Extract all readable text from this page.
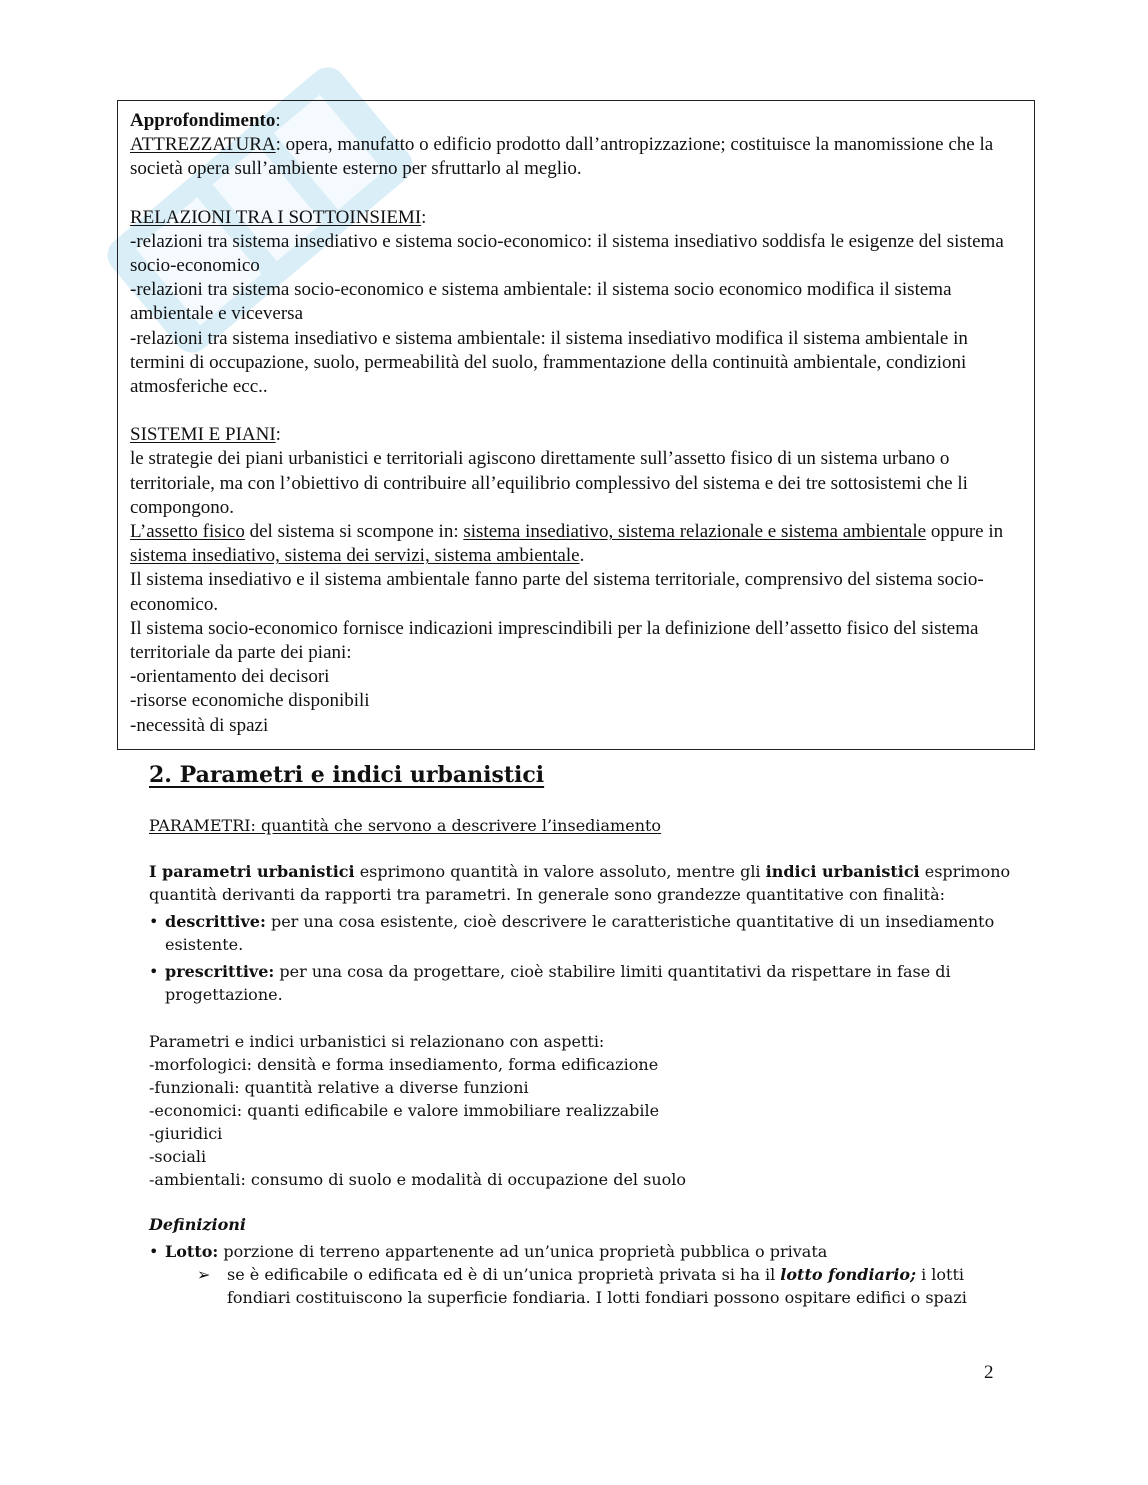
Approfondimento:

ATTREZZATURA: opera, manufatto o edificio prodotto dall’antropizzazione; costituisce la manomissione che la società opera sull’ambiente esterno per sfruttarlo al meglio.

RELAZIONI TRA I SOTTOINSIEMI:

-relazioni tra sistema insediativo e sistema socio-economico: il sistema insediativo soddisfa le esigenze del sistema socio-economico

-relazioni tra sistema socio-economico e sistema ambientale: il sistema socio economico modifica il sistema ambientale e viceversa

-relazioni tra sistema insediativo e sistema ambientale: il sistema insediativo modifica il sistema ambientale in termini di occupazione, suolo, permeabilità del suolo, frammentazione della continuità ambientale, condizioni atmosferiche ecc..

SISTEMI E PIANI:

le strategie dei piani urbanistici e territoriali agiscono direttamente sull’assetto fisico di un sistema urbano o territoriale, ma con l’obiettivo di contribuire all’equilibrio complessivo del sistema e dei tre sottosistemi che li compongono.

L’assetto fisico del sistema si scompone in: sistema insediativo, sistema relazionale e sistema ambientale oppure in sistema insediativo, sistema dei servizi, sistema ambientale.

Il sistema insediativo e il sistema ambientale fanno parte del sistema territoriale, comprensivo del sistema socio-economico.

Il sistema socio-economico fornisce indicazioni imprescindibili per la definizione dell’assetto fisico del sistema territoriale da parte dei piani:

-orientamento dei decisori

-risorse economiche disponibili

-necessità di spazi

2. Parametri e indici urbanistici

PARAMETRI: quantità che servono a descrivere l’insediamento

I parametri urbanistici esprimono quantità in valore assoluto, mentre gli indici urbanistici esprimono quantità derivanti da rapporti tra parametri. In generale sono grandezze quantitative con finalità:

• descrittive: per una cosa esistente, cioè descrivere le caratteristiche quantitative di un insediamento esistente.
• prescrittive: per una cosa da progettare, cioè stabilire limiti quantitativi da rispettare in fase di progettazione.

Parametri e indici urbanistici si relazionano con aspetti:

-morfologici: densità e forma insediamento, forma edificazione

-funzionali: quantità relative a diverse funzioni

-economici: quanti edificabile e valore immobiliare realizzabile

-giuridici

-sociali

-ambientali: consumo di suolo e modalità di occupazione del suolo

Definizioni

• Lotto: porzione di terreno appartenente ad un’unica proprietà pubblica o privata
➢ se è edificabile o edificata ed è di un’unica proprietà privata si ha il lotto fondiario; i lotti fondiari costituiscono la superficie fondiaria. I lotti fondiari possono ospitare edifici o spazi
2
